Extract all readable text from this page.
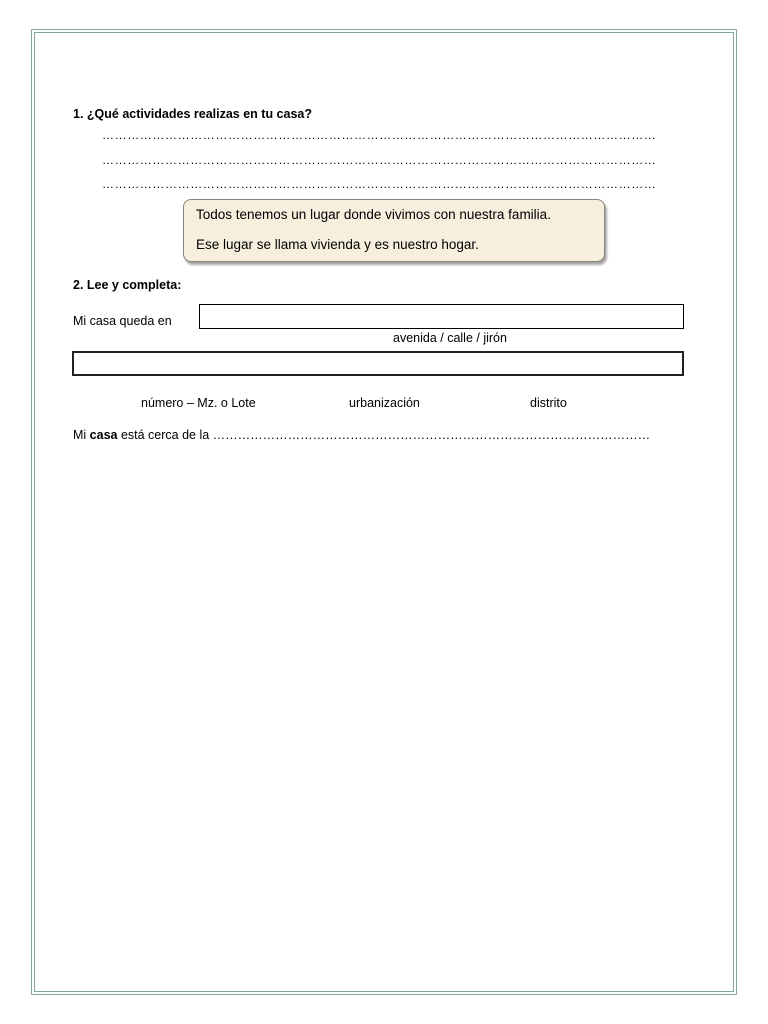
1. ¿Qué actividades realizas en tu casa?
……………………………………………………………………………………………………………………
……………………………………………………………………………………………………………………
……………………………………………………………………………………………………………………
Todos tenemos un lugar donde vivimos con nuestra familia.
Ese lugar se llama vivienda y es nuestro hogar.
2. Lee y completa:
Mi casa queda en
avenida / calle / jirón
número – Mz. o Lote	urbanización	distrito
Mi casa está cerca de la ……………………………………………………………………………………………
